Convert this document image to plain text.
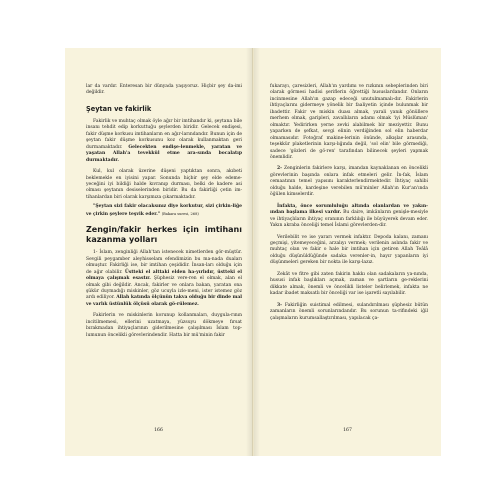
lar da vardır. Enteresan bir dünyada yaşıyoruz. Hiçbir şey da-imi değildir.

Şeytan ve fakirlik

Fakirlik ve muhtaç olmak öyle ağır bir imtihandır ki, şeytana bile insanı tehdit edip korkuttuğu şeylerden biridir. Gelecek endişesi, fakir düşme korkusu imtihanların en ağır-larındandır. Bunun için de şeytan fakir düşme korkusunu koz olarak kullanmaktan geri durmamaktadır. Gelecekten endişe-lenmekle, yaratan ve yaşatan Allah'a tevekkül etme ara-sında bocalatıp durmaktadır.

Kul, kul olarak üzerine düşeni yaptıktan sonra, akıbeti beklemekle en iyisini yapar. Sonunda hiçbir şey elde edeme-yeceğini iyi bildiği halde kıvranıp durması, belki de kadere asi olması şeytanın desiselerinden biridir. Bu da fakirliği çetin im-tihanlardan biri olarak karşımıza çıkarmaktadır.

"Şeytan sizi fakir olacaksınız diye korkutur, sizi çirkin-liğe ve çirkin şeylere teşvik eder." (Bakara suresi, 268)

Zengin/fakir herkes için imtihanı kazanma yolları

1- İslam, zenginliği Allah'tan istenecek nimetlerden gör-müştür. Sevgili peygamber aleyhisselam efendimizin bu ma-nada duaları olmuştur. Fakirliği ise, bir imtihan çeşididir. İnsan-ları olduğu için de ağır olabilir. Üstteki el alttaki elden ha-yırlıdır, üstteki el olmaya çalışmak esastır. Şüphesiz vere-ren el olmak, alan el olmak gibi değildir. Ancak, fakirler ve onlara bakan, yaratan ona şükür duymadığı miskinler, göz ucuyla izle-meni, ister istemez göz ardı ediliyor. Allah katında ölçünün takva olduğu bir dinde mal ve varlık üstünlük ölçüsü olarak gö-rülemez.

Fakirlerin ve miskinlerin korunup kollanmaları, duygula-rının incitilmemesi, ellerini uzatmaya, yüzsuyu dökmeye fırsat bırakmadan ihtiyaçlarının giderilmesine çalışılması İslam top-lumunun öncelikli görevlerindendir. Hatta bir mü'minin fakir

166

fukarayı, çaresizleri, Allah'ın yardımı ve rızkının sebeplerinden biri olarak görmesi hadisi şeriflerin öğrettiği hususlardandır. Onların incinmesine Allah'ın gazap edeceği unutulmamalı-dır. Fakirlerin ihtiyaçlarını gidermeye yönelik bir faaliyetin içinde bulunmak bir ibadettir. Fakir ve miskin duası almak, yarali yanık gönüllere merhem olmak, garipleri, zavallıların adamı olmak 'iyi Müslüman' olmaktır. Yedirirken yerne zevki alabilmek bir meziyettir. Bunu yaparken de şefkat, sevgi elinin verdiğinden sol elin haberdar olmamasıdır. Fotoğraf makine-lerinin önünde, alkışlar arasında, teşekkür plaketlerinin karşı-lığında değil, 'sol elin' bile görmediği, sadece 'gözleri de gö-ren' tarafından bilinecek şeyleri yapmak önemlidir.

2- Zenginlerin fakirlere karşı, imandan kaynaklanan en öncelikli görevlerinin başında onlara infak etmeleri gelir. İn-fak, İslam cemaatının temel yapısını karakterlendirmektedir. İhtiyaç sahibi olduğu halde, kardeşine verebilen mü'minler Allah'ın Kur'an'ında öğülen kimselerdir.

İnfakta, önce sorumluluğu altında olanlardan ve yakın-ından başlama ilkesi vardır. Bu daire, imkânların genişle-mesiyle ve ihtiyaçlıların ihtiyaç oranının farklılığı ile büyüyerek devam eder. Yakın akraba önceliği temel İslami görevlerden-dir.

Verilebilit ve ise yararı vermek infaktır. Depoda kalanı, zamanı geçmişi, yitemeyeceğini, arzalıyı vermek; verilenin aslında fakir ve muhtaç olan ve fakir o hale bir imtihan için getiren Allah Teâlâ olduğu düşünüldüğünde sadaka verenler-in, hayır yapanların iyi düşünmeleri gereken bir nokta ile karşı-lazız.

Zekât ve fitre gibi zaten fakirin hakkı olan sadakaların ya-nında, hususi infak başlıkları açmak, zaman ve şartların ge-reklerini dikkate almak, önemli ve öncelikli listeler belirlemek, infakta ne kadar ibadet maksatlı bir önceliği var ise işaretli sayılabilir.

3- Fakirliğin suistimal edilmesi, sulandırılması şüphesiz bütün zamanların önemli sorunlarındandır. Bu sorunun ta-rifindeki iğil çalışmaların kurumsallaştırılması, yapılacak ça-

167
